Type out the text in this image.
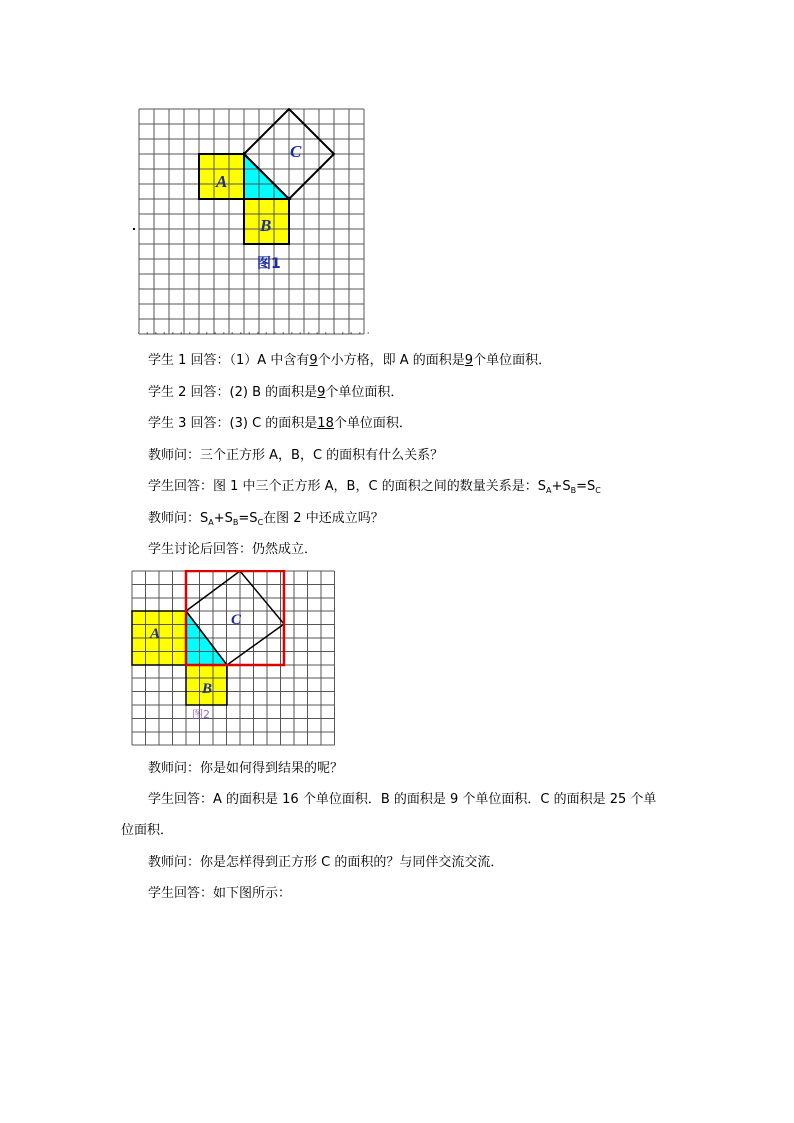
A
B
C
图1

学生 1 回答：（1）A 中含有9个小方格，即 A 的面积是9个单位面积．

学生 2 回答：(2) B 的面积是9个单位面积．

学生 3 回答：(3) C 的面积是18个单位面积．

教师问：三个正方形 A，B，C 的面积有什么关系？

学生回答：图 1 中三个正方形 A，B，C 的面积之间的数量关系是：$S_A+S_B=S_C$

教师问：$S_A+S_B=S_C$在图 2 中还成立吗？

学生讨论后回答：仍然成立．

A
B
C
图2

教师问：你是如何得到结果的呢？

学生回答：A 的面积是 16 个单位面积．B 的面积是 9 个单位面积．C 的面积是 25 个单

位面积．

教师问：你是怎样得到正方形 C 的面积的？与同伴交流交流．

学生回答：如下图所示：
